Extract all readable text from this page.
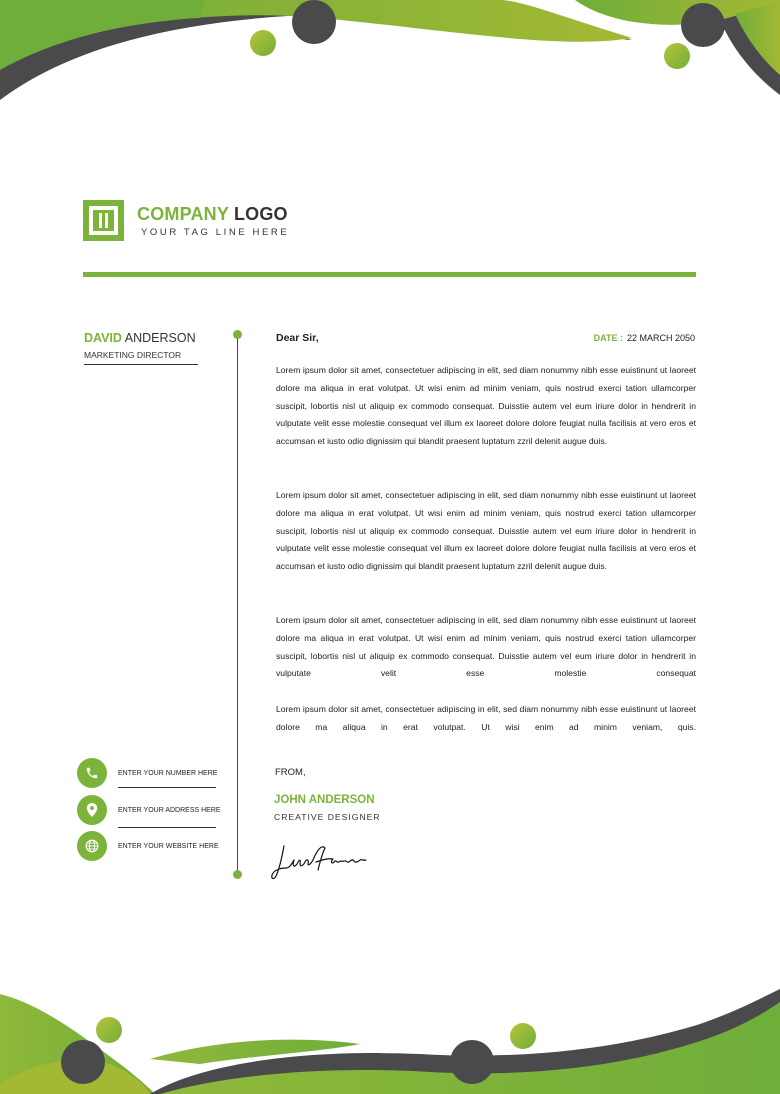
COMPANY LOGO
YOUR TAG LINE HERE
DAVID ANDERSON
MARKETING DIRECTOR
ENTER YOUR NUMBER HERE
ENTER YOUR ADDRESS HERE
ENTER YOUR WEBSITE HERE
Dear Sir,	DATE : 22 MARCH 2050
Lorem ipsum dolor sit amet, consectetuer adipiscing in elit, sed diam nonummy nibh esse euistinunt ut laoreet dolore ma aliqua in erat volutpat. Ut wisi enim ad minim veniam, quis nostrud exerci tation ullamcorper suscipit, lobortis nisl ut aliquip ex commodo consequat. Duisstie autem vel eum iriure dolor in hendrerit in vulputate velit esse molestie consequat vel illum ex laoreet dolore dolore feugiat nulla facilisis at vero eros et accumsan et iusto odio dignissim qui blandit praesent luptatum zzril delenit augue duis.
Lorem ipsum dolor sit amet, consectetuer adipiscing in elit, sed diam nonummy nibh esse euistinunt ut laoreet dolore ma aliqua in erat volutpat. Ut wisi enim ad minim veniam, quis nostrud exerci tation ullamcorper suscipit, lobortis nisl ut aliquip ex commodo consequat. Duisstie autem vel eum iriure dolor in hendrerit in vulputate velit esse molestie consequat vel illum ex laoreet dolore dolore feugiat nulla facilisis at vero eros et accumsan et iusto odio dignissim qui blandit praesent luptatum zzril delenit augue duis.
Lorem ipsum dolor sit amet, consectetuer adipiscing in elit, sed diam nonummy nibh esse euistinunt ut laoreet dolore ma aliqua in erat volutpat. Ut wisi enim ad minim veniam, quis nostrud exerci tation ullamcorper suscipit, lobortis nisl ut aliquip ex commodo consequat. Duisstie autem vel eum iriure dolor in hendrerit in vulputate velit esse molestie consequat
Lorem ipsum dolor sit amet, consectetuer adipiscing in elit, sed diam nonummy nibh esse euistinunt ut laoreet dolore ma aliqua in erat volutpat. Ut wisi enim ad minim veniam, quis.
FROM,
JOHN ANDERSON
CREATIVE DESIGNER
